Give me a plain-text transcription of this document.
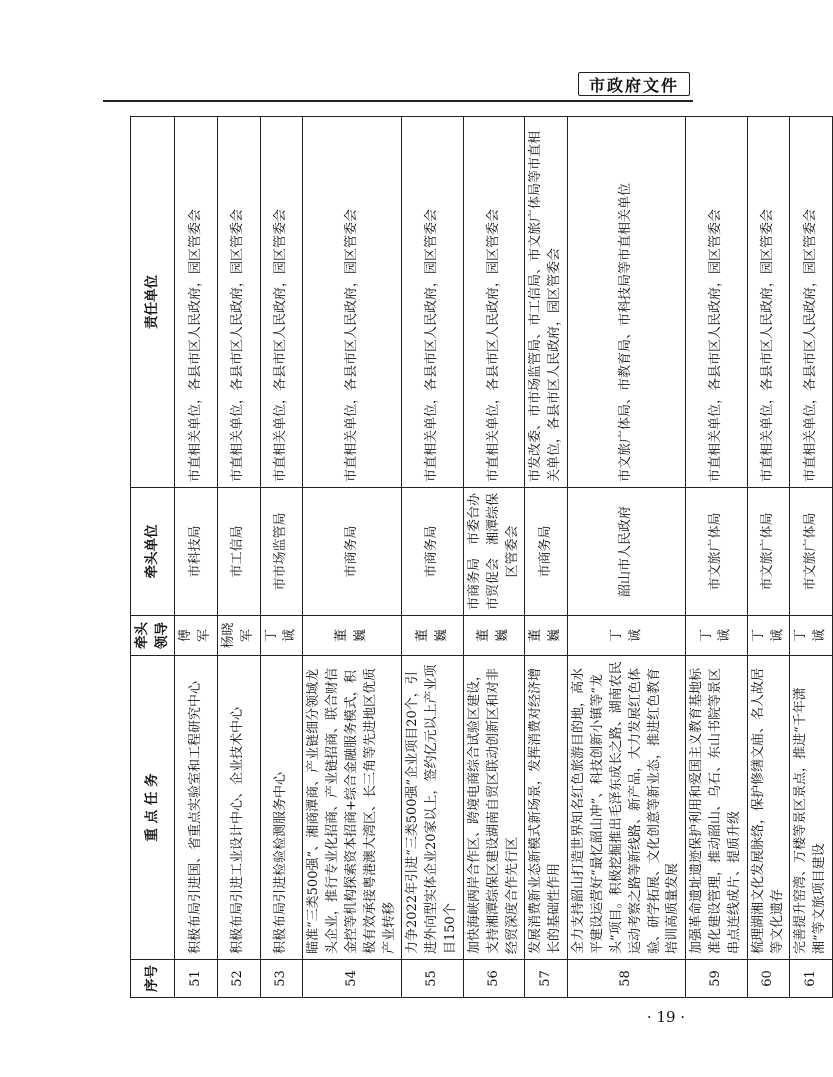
市政府文件
序号	重 点 任 务	牵头领导	牵头单位	责任单位
51	积极布局引进国、省重点实验室和工程研究中心	傅　军	市科技局	市直相关单位，各县市区人民政府，园区管委会
52	积极布局引进工业设计中心、企业技术中心	杨晓军	市工信局	市直相关单位，各县市区人民政府，园区管委会
53	积极布局引进检验检测服务中心	丁　诚	市市场监管局	市直相关单位，各县市区人民政府，园区管委会
54	瞄准“三类500强”、湘商潭商、产业链细分领域龙头企业，推行专业化招商、产业链招商、联合财信金控等机构探索资本招商+综合金融服务模式，积极有效承接粤港澳大湾区、长三角等先进地区优质产业转移	董　巍	市商务局	市直相关单位，各县市区人民政府，园区管委会
55	力争2022年引进“三类500强”企业项目20个，引进外向型实体企业20家以上，签约亿元以上产业项目150个	董　巍	市商务局	市直相关单位，各县市区人民政府，园区管委会
56	加快海峡两岸合作区、跨境电商综合试验区建设，支持湘潭综保区建设湖南自贸区联动创新区和对非经贸深度合作先行区	董　巍	市商务局　市委台办　市贸促会　湘潭综保区管委会	市直相关单位，各县市区人民政府，园区管委会
57	发展消费新业态新模式新场景，发挥消费对经济增长的基础性作用	董　巍	市商务局	市发改委、市市场监管局、市工信局、市文旅广体局等市直相关单位，各县市区人民政府，园区管委会
58	全力支持韶山打造世界知名红色旅游目的地，高水平建设运营好“最忆韶山冲”、科技创新小镇等“龙头”项目。积极挖掘推出毛泽东成长之路、湖南农民运动考察之路等新线路、新产品，大力发展红色体验、研学拓展、文化创意等新业态，推进红色教育培训高质量发展	丁　诚	韶山市人民政府	市文旅广体局、市教育局、市科技局等市直相关单位
59	加强革命遗址遗迹保护利用和爱国主义教育基地标准化建设管理，推动韶山、乌石、东山书院等景区串点连线成片、提质升级	丁　诚	市文旅广体局	市直相关单位，各县市区人民政府，园区管委会
60	梳理湖湘文化发展脉络，保护修缮文庙、名人故居等文化遗存	丁　诚	市文旅广体局	市直相关单位，各县市区人民政府，园区管委会
61	完善提升窑湾、万楼等景区景点，推进“千年潇湘”等文旅项目建设	丁　诚	市文旅广体局	市直相关单位，各县市区人民政府，园区管委会
· 19 ·
